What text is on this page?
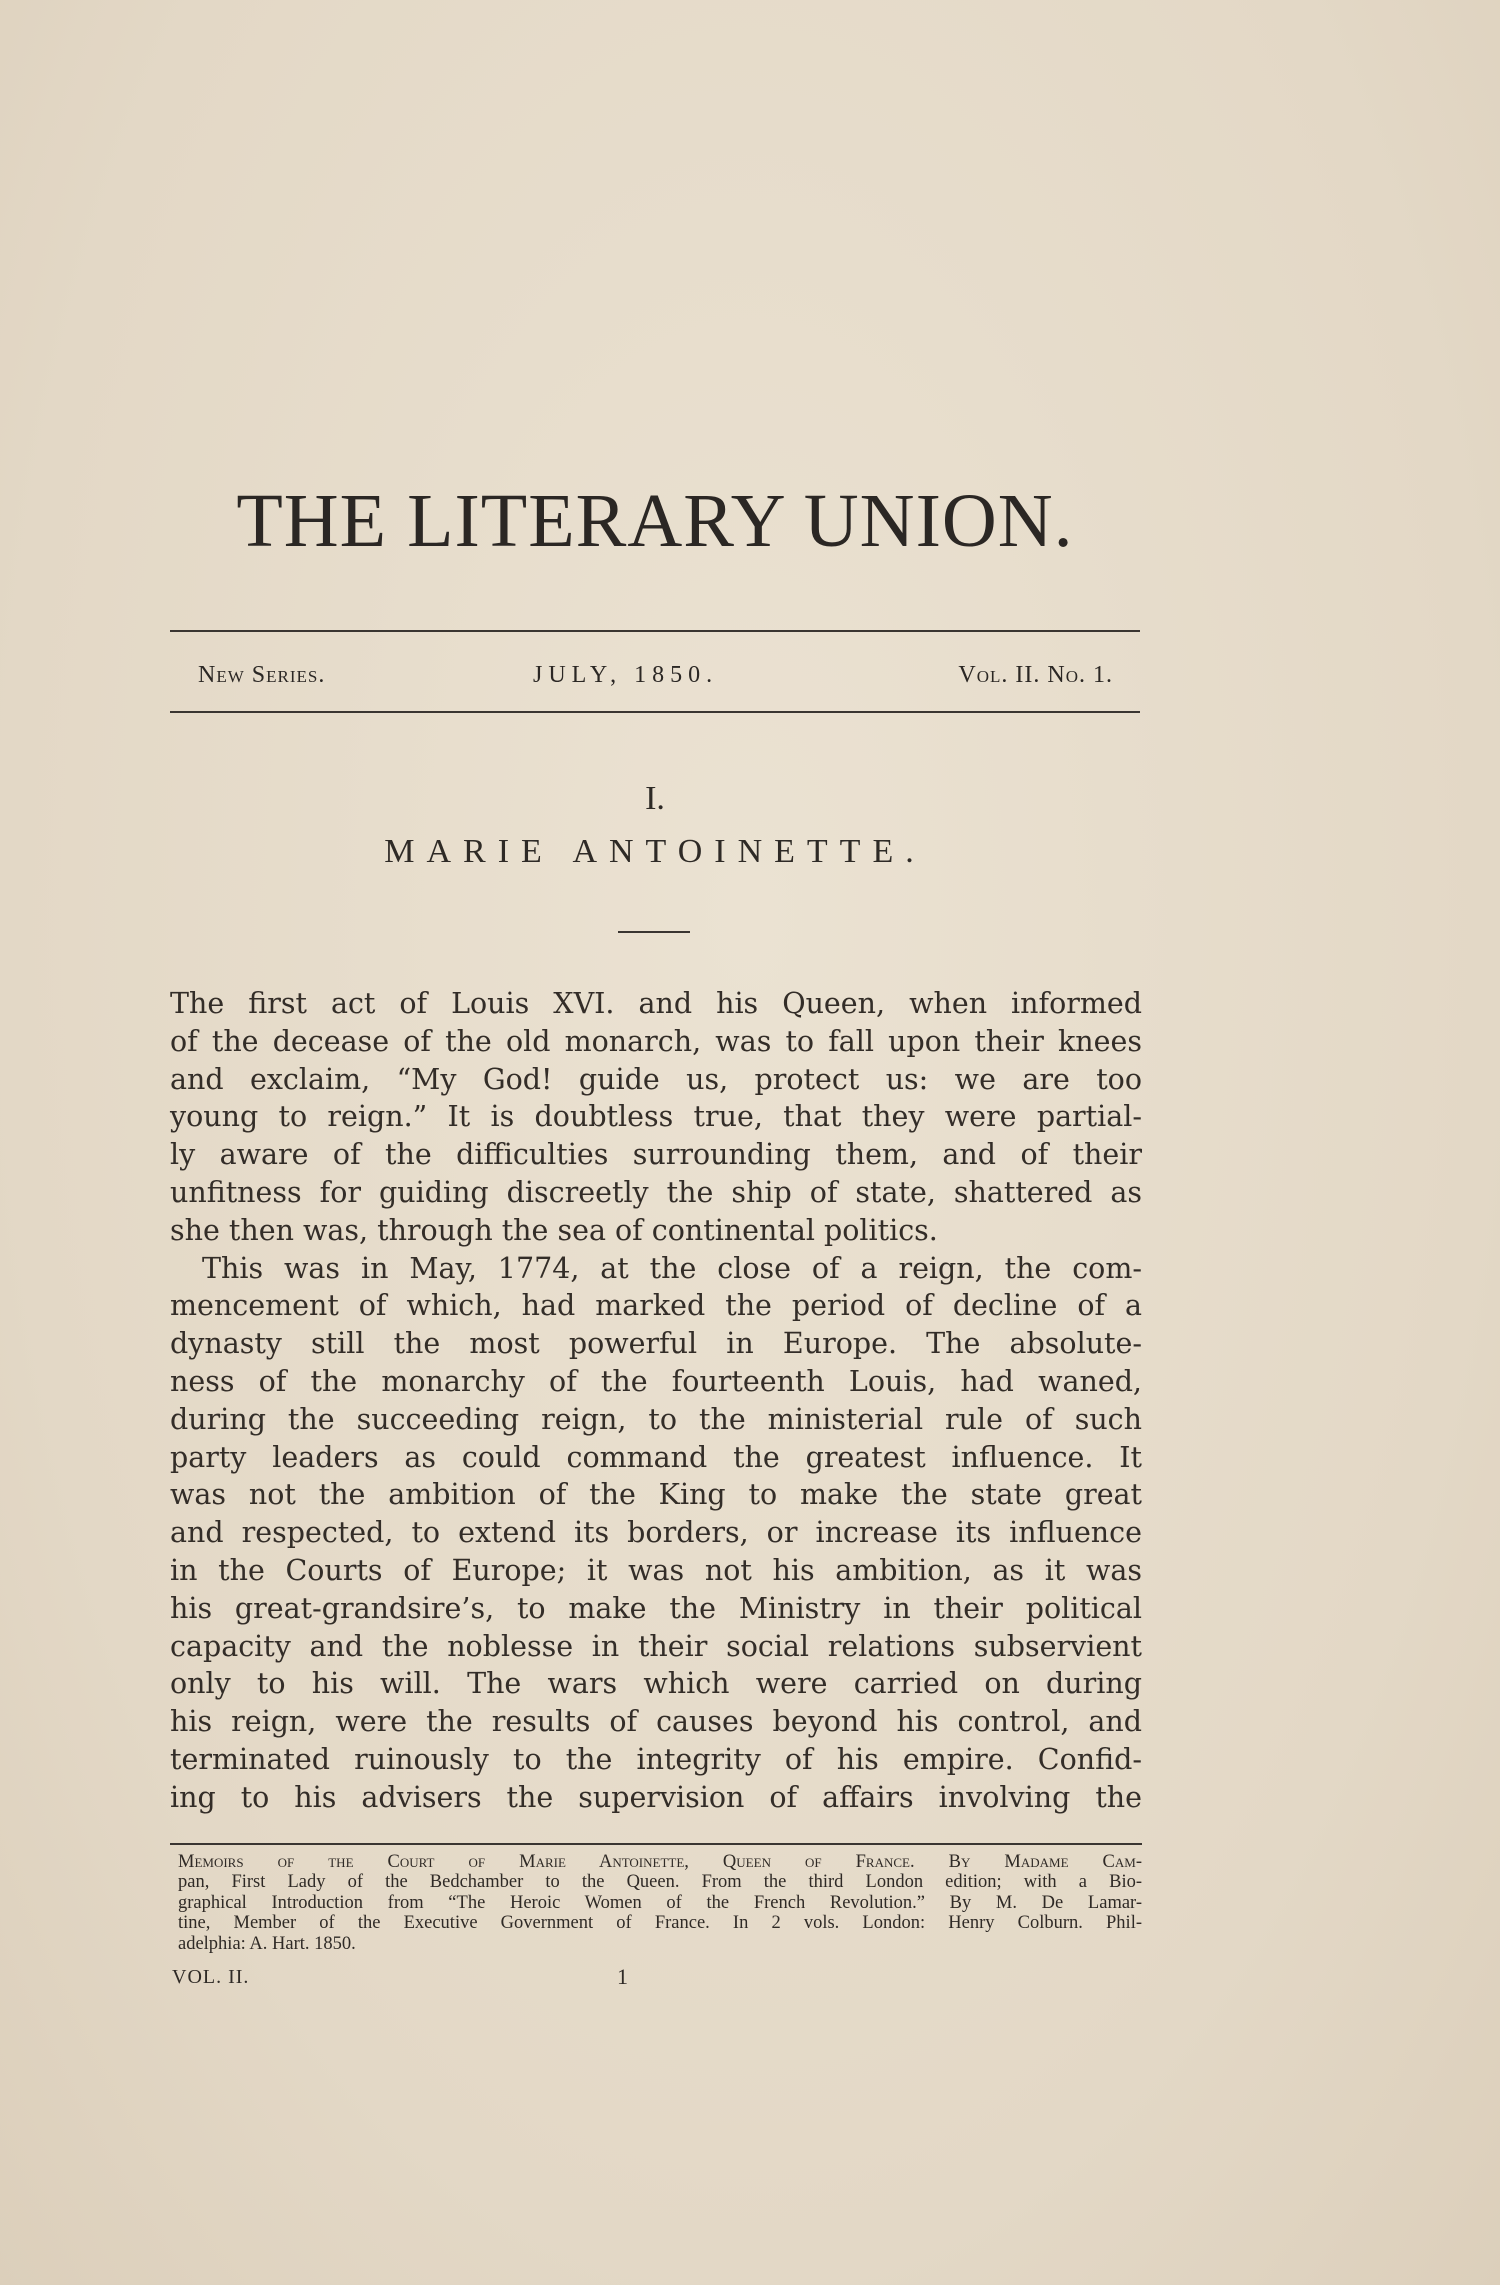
THE LITERARY UNION.
New Series.	JULY, 1850.	Vol. II. No. 1.
I.
MARIE ANTOINETTE.
The first act of Louis XVI. and his Queen, when informed
of the decease of the old monarch, was to fall upon their knees
and exclaim, “My God! guide us, protect us: we are too
young to reign.” It is doubtless true, that they were partial-
ly aware of the difficulties surrounding them, and of their
unfitness for guiding discreetly the ship of state, shattered as
she then was, through the sea of continental politics.
This was in May, 1774, at the close of a reign, the com-
mencement of which, had marked the period of decline of a
dynasty still the most powerful in Europe. The absolute-
ness of the monarchy of the fourteenth Louis, had waned,
during the succeeding reign, to the ministerial rule of such
party leaders as could command the greatest influence. It
was not the ambition of the King to make the state great
and respected, to extend its borders, or increase its influence
in the Courts of Europe; it was not his ambition, as it was
his great-grandsire’s, to make the Ministry in their political
capacity and the noblesse in their social relations subservient
only to his will. The wars which were carried on during
his reign, were the results of causes beyond his control, and
terminated ruinously to the integrity of his empire. Confid-
ing to his advisers the supervision of affairs involving the
Memoirs of the Court of Marie Antoinette, Queen of France. By Madame Cam-
pan, First Lady of the Bedchamber to the Queen. From the third London edition; with a Bio-
graphical Introduction from “The Heroic Women of the French Revolution.” By M. De Lamar-
tine, Member of the Executive Government of France. In 2 vols. London: Henry Colburn. Phil-
adelphia: A. Hart. 1850.
VOL. II.	1
